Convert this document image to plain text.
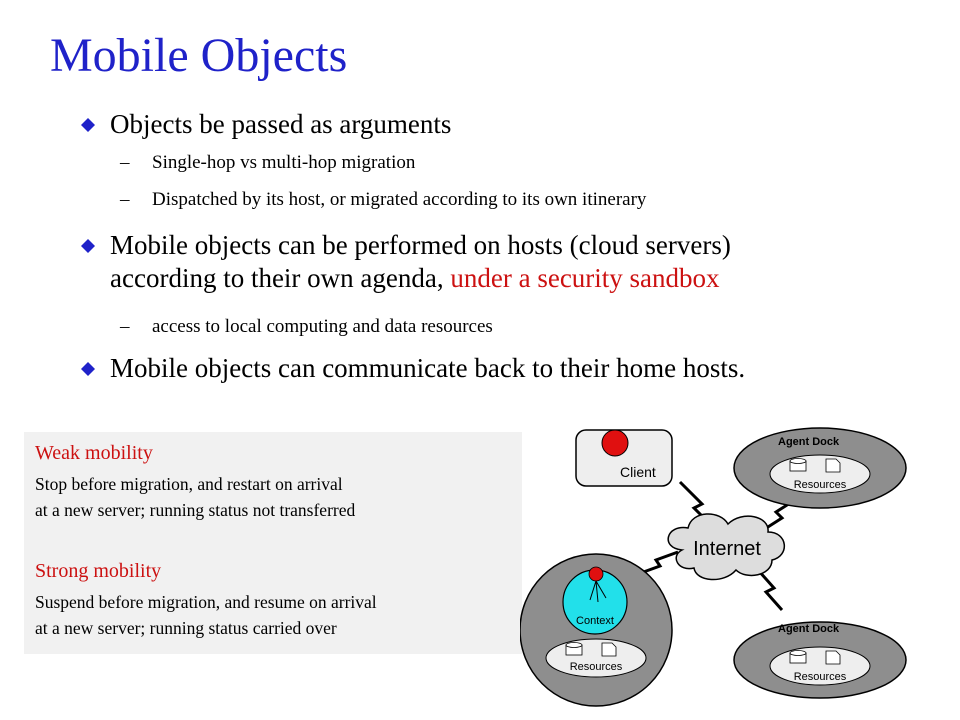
Mobile Objects
Objects be passed as arguments
– Single-hop vs multi-hop migration
– Dispatched by its host, or migrated according to its own itinerary
Mobile objects can be performed on hosts (cloud servers)
according to their own agenda, under a security sandbox
– access to local computing and data resources
Mobile objects can communicate back to their home hosts.
Weak mobility
Stop before migration, and restart on arrival
at a new server; running status not transferred
Strong mobility
Suspend before migration, and resume on arrival
at a new server; running status carried over
Client
Internet
Agent Dock
Resources
Agent Dock
Resources
Context
Resources
